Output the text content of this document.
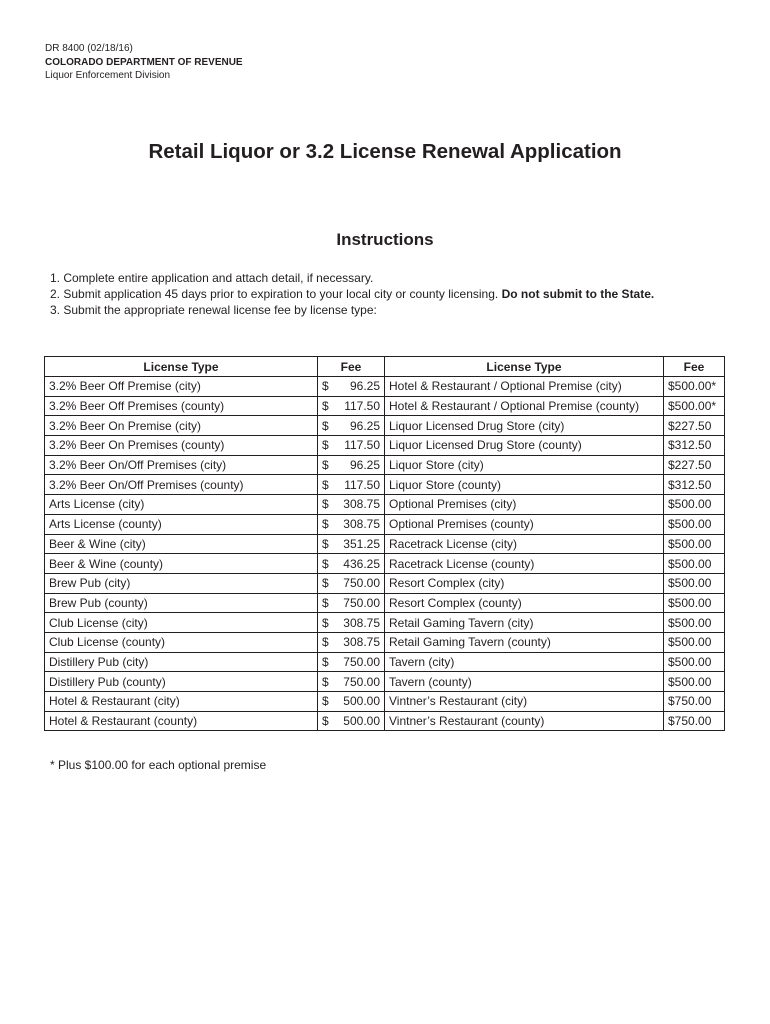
DR 8400 (02/18/16)
COLORADO DEPARTMENT OF REVENUE
Liquor Enforcement Division
Retail Liquor or 3.2 License Renewal Application
Instructions
1. Complete entire application and attach detail, if necessary.
2. Submit application 45 days prior to expiration to your local city or county licensing. Do not submit to the State.
3. Submit the appropriate renewal license fee by license type:
License Type	Fee	License Type	Fee
3.2% Beer Off Premise (city)	$ 96.25	Hotel & Restaurant / Optional Premise (city)	$500.00*
3.2% Beer Off Premises (county)	$ 117.50	Hotel & Restaurant / Optional Premise (county)	$500.00*
3.2% Beer On Premise (city)	$ 96.25	Liquor Licensed Drug Store (city)	$227.50
3.2% Beer On Premises (county)	$ 117.50	Liquor Licensed Drug Store (county)	$312.50
3.2% Beer On/Off Premises (city)	$ 96.25	Liquor Store (city)	$227.50
3.2% Beer On/Off Premises (county)	$ 117.50	Liquor Store (county)	$312.50
Arts License (city)	$ 308.75	Optional Premises (city)	$500.00
Arts License (county)	$ 308.75	Optional Premises (county)	$500.00
Beer & Wine (city)	$ 351.25	Racetrack License (city)	$500.00
Beer & Wine (county)	$ 436.25	Racetrack License (county)	$500.00
Brew Pub (city)	$ 750.00	Resort Complex (city)	$500.00
Brew Pub (county)	$ 750.00	Resort Complex (county)	$500.00
Club License (city)	$ 308.75	Retail Gaming Tavern (city)	$500.00
Club License (county)	$ 308.75	Retail Gaming Tavern (county)	$500.00
Distillery Pub (city)	$ 750.00	Tavern (city)	$500.00
Distillery Pub (county)	$ 750.00	Tavern (county)	$500.00
Hotel & Restaurant (city)	$ 500.00	Vintner’s Restaurant (city)	$750.00
Hotel & Restaurant (county)	$ 500.00	Vintner’s Restaurant (county)	$750.00
* Plus $100.00 for each optional premise
